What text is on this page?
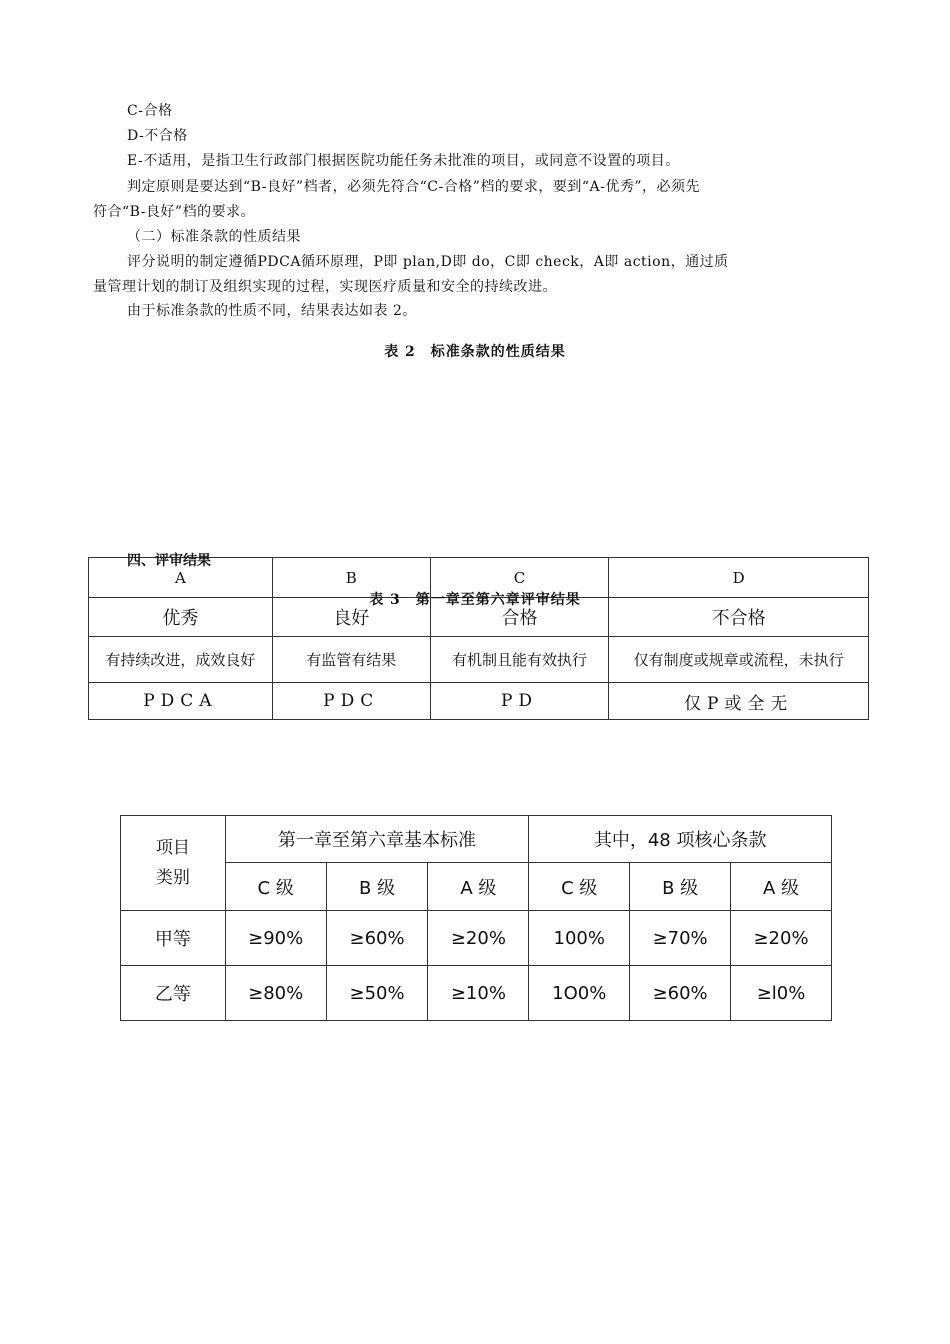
C-合格
D-不合格
E-不适用，是指卫生行政部门根据医院功能任务未批准的项目，或同意不设置的项目。
判定原则是要达到“B-良好”档者，必须先符合“C-合格”档的要求，要到“A-优秀”，必须先
符合“B-良好”档的要求。
（二）标准条款的性质结果
评分说明的制定遵循PDCA循环原理，P即 plan,D即 do，C即 check，A即 action，通过质
量管理计划的制订及组织实现的过程，实现医疗质量和安全的持续改进。
由于标准条款的性质不同，结果表达如表 2。
表 2　标准条款的性质结果
A	B	C	D
优秀	良好	合格	不合格
有持续改进，成效良好	有监管有结果	有机制且能有效执行	仅有制度或规章或流程，未执行
PDCA	PDC	PD	仅P或全无
四、评审结果
表 3　第一章至第六章评审结果
项目
类别	第一章至第六章基本标准			其中，48 项核心条款		
	C 级	B 级	A 级	C 级	B 级	A 级
甲等	≥90%	≥60%	≥20%	100%	≥70%	≥20%
乙等	≥80%	≥50%	≥10%	1O0%	≥60%	≥l0%
